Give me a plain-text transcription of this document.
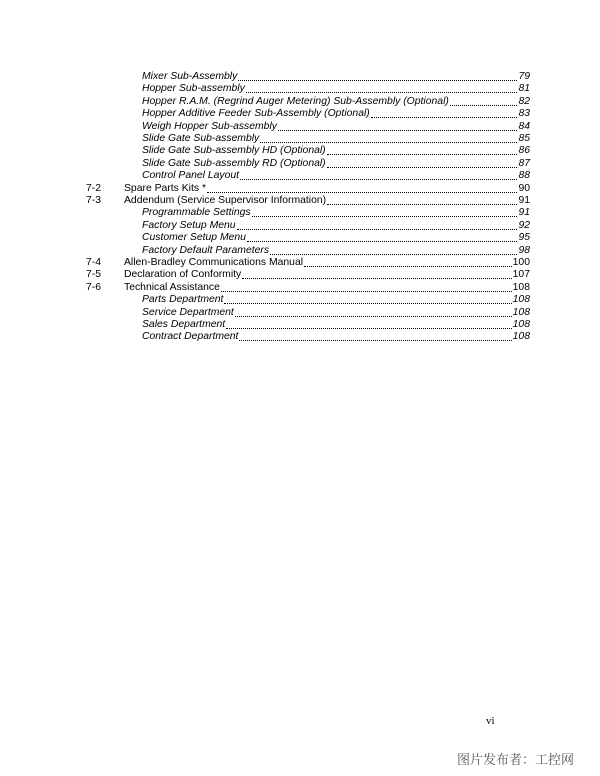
Mixer Sub-Assembly	79
Hopper Sub-assembly	81
Hopper R.A.M. (Regrind Auger Metering) Sub-Assembly (Optional)	82
Hopper Additive Feeder Sub-Assembly (Optional)	83
Weigh Hopper Sub-assembly	84
Slide Gate Sub-assembly	85
Slide Gate Sub-assembly HD (Optional)	86
Slide Gate Sub-assembly RD (Optional)	87
Control Panel Layout	88
7-2	Spare Parts Kits *	90
7-3	Addendum (Service Supervisor Information)	91
Programmable Settings	91
Factory Setup Menu	92
Customer Setup Menu	95
Factory Default Parameters	98
7-4	Allen-Bradley Communications Manual	100
7-5	Declaration of Conformity	107
7-6	Technical Assistance	108
Parts Department	108
Service Department	108
Sales Department	108
Contract Department	108
vi
图片发布者：工控网
